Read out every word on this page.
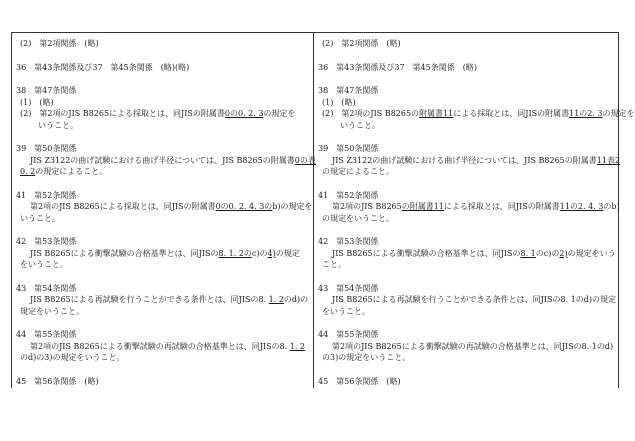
(2)　第2項関係　(略)
36　第43条関係及び37　第45条関係　(略)(略)
38　第47条関係
(1)　(略)
(2)　第2項のJIS B8265による採取とは、同JISの附属書0の0. 2. 3の規定を
いうこと。
39　第50条関係
JIS Z3122の曲げ試験における曲げ半径については、JIS B8265の附属書0の表
0. 2の規定によること。
41　第52条関係
第2項のJIS B8265による採取とは、同JISの附属書0の0. 2. 4. 3のb)の規定を
いうこと。
42　第53条関係
JIS B8265による衝撃試験の合格基準とは、同JISの8. 1. 2のc)の4)の規定
をいうこと。
43　第54条関係
JIS B8265による再試験を行うことができる条件とは、同JISの8. 1. 2のd)の
規定をいうこと。
44　第55条関係
第2項のJIS B8265による衝撃試験の再試験の合格基準とは、同JISの8. 1. 2
のd)の3)の規定をいうこと。
45　第56条関係　(略)
(2)　第2項関係　(略)
36　第43条関係及び37　第45条関係　(略)
38　第47条関係
(1)　(略)
(2)　第2項のJIS B8265の附属書11による採取とは、同JISの附属書11の2. 3の規定を
いうこと。
39　第50条関係
JIS Z3122の曲げ試験における曲げ半径については、JIS B8265の附属書11表2
の規定によること。
41　第52条関係
第2項のJIS B8265の附属書11による採取とは、同JISの附属書11の2. 4. 3のb)
の規定をいうこと。
42　第53条関係
JIS B8265による衝撃試験の合格基準とは、同JISの8. 1のc)の2)の規定をいう
こと。
43　第54条関係
JIS B8265による再試験を行うことができる条件とは、同JISの8. 1のd)の規定
をいうこと。
44　第55条関係
第2項のJIS B8265による衝撃試験の再試験の合格基準とは、同JISの8. 1のd)
の3)の規定をいうこと。
45　第56条関係　(略)
